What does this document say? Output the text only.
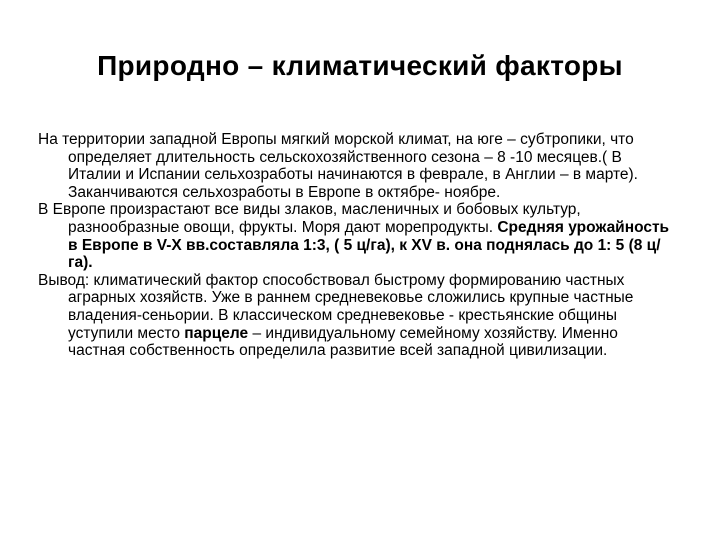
Природно – климатический факторы

На территории западной Европы мягкий морской климат, на юге – субтропики, что определяет длительность сельскохозяйственного сезона – 8 -10 месяцев.( В Италии и Испании сельхозработы начинаются в феврале, в Англии – в марте). Заканчиваются сельхозработы в Европе в октябре- ноябре.

В Европе произрастают все виды злаков, масленичных и бобовых культур, разнообразные овощи, фрукты. Моря дают морепродукты. Средняя урожайность в Европе в V-X вв.составляла 1:3, ( 5 ц/га), к XV в. она поднялась до 1: 5 (8 ц/га).

Вывод: климатический фактор способствовал быстрому формированию частных аграрных хозяйств. Уже в раннем средневековье сложились крупные частные владения-сеньории. В классическом средневековье - крестьянские общины уступили место парцеле – индивидуальному семейному хозяйству. Именно частная собственность определила развитие всей западной цивилизации.
